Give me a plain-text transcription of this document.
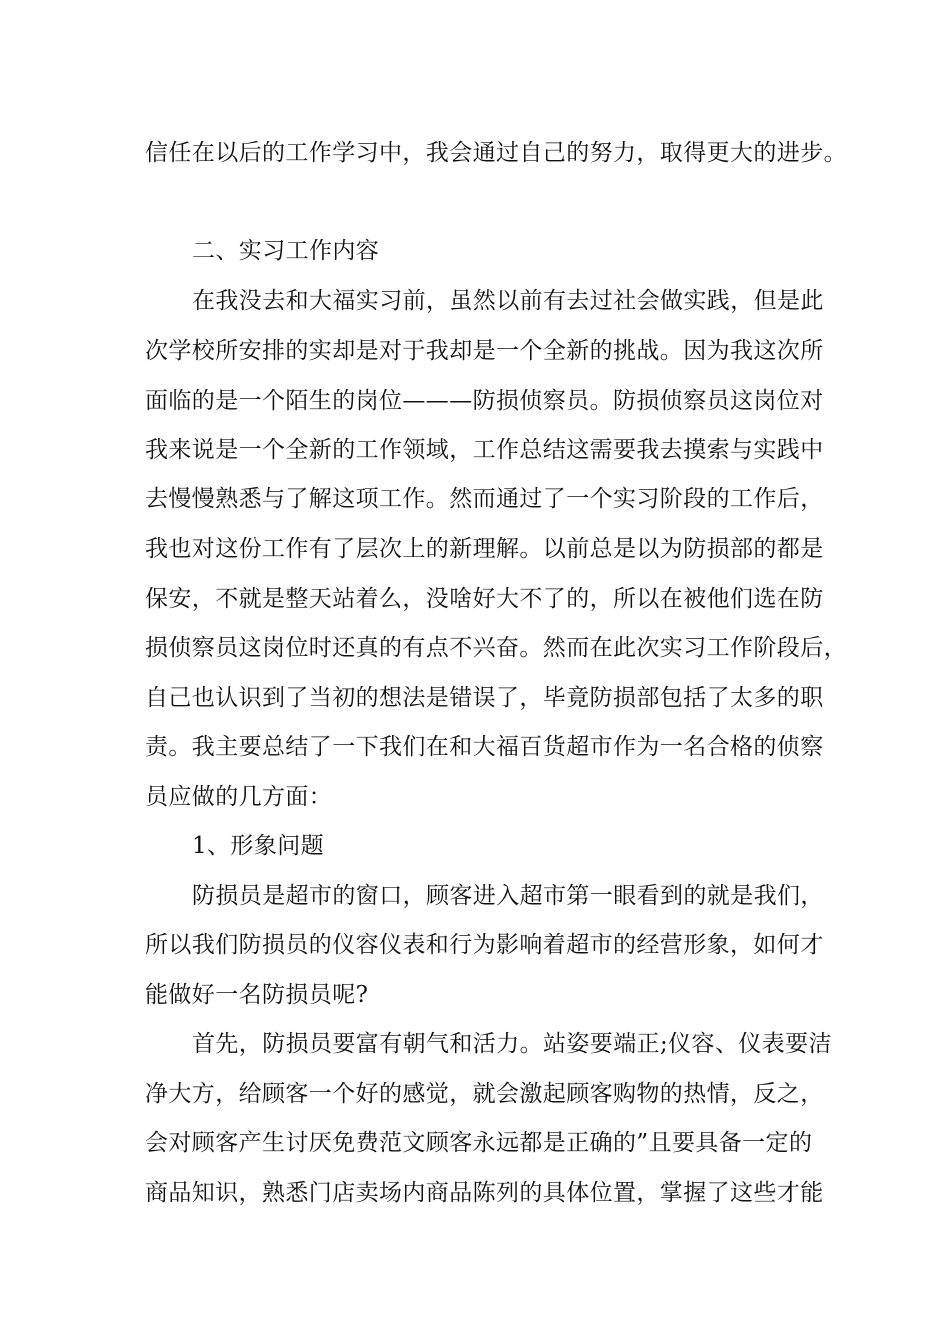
信任在以后的工作学习中，我会通过自己的努力，取得更大的进步。
二、实习工作内容
在我没去和大福实习前，虽然以前有去过社会做实践，但是此
次学校所安排的实却是对于我却是一个全新的挑战。因为我这次所
面临的是一个陌生的岗位———防损侦察员。防损侦察员这岗位对
我来说是一个全新的工作领域，工作总结这需要我去摸索与实践中
去慢慢熟悉与了解这项工作。然而通过了一个实习阶段的工作后，
我也对这份工作有了层次上的新理解。以前总是以为防损部的都是
保安，不就是整天站着么，没啥好大不了的，所以在被他们选在防
损侦察员这岗位时还真的有点不兴奋。然而在此次实习工作阶段后，
自己也认识到了当初的想法是错误了，毕竟防损部包括了太多的职
责。我主要总结了一下我们在和大福百货超市作为一名合格的侦察
员应做的几方面：
1、形象问题
防损员是超市的窗口，顾客进入超市第一眼看到的就是我们，
所以我们防损员的仪容仪表和行为影响着超市的经营形象，如何才
能做好一名防损员呢?
首先，防损员要富有朝气和活力。站姿要端正;仪容、仪表要洁
净大方，给顾客一个好的感觉，就会激起顾客购物的热情，反之，
会对顾客产生讨厌免费范文顾客永远都是正确的”且要具备一定的
商品知识，熟悉门店卖场内商品陈列的具体位置，掌握了这些才能
